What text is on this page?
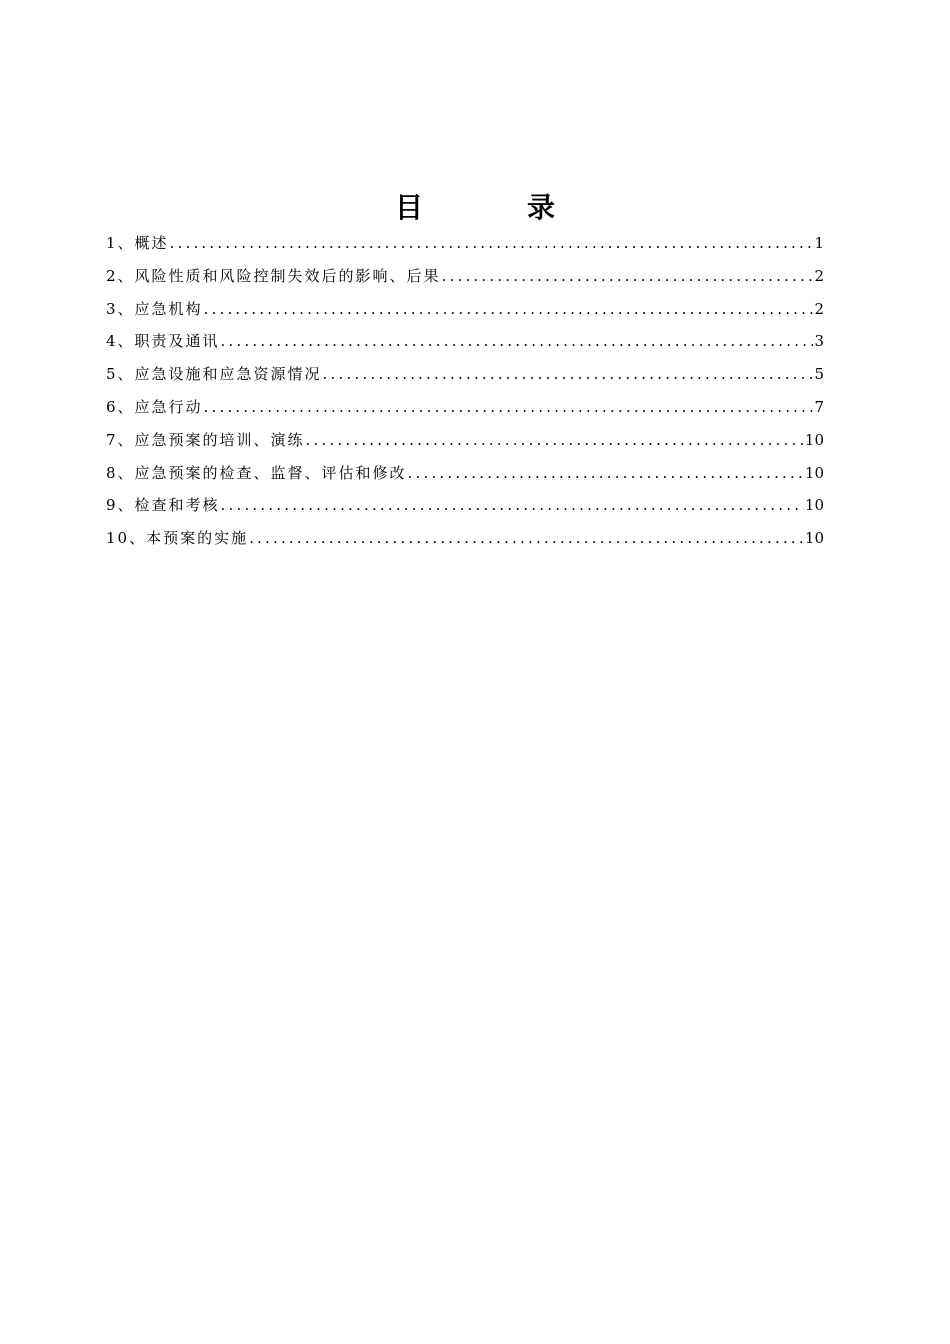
目　录
1、概述 .....	1
2、风险性质和风险控制失效后的影响、后果 .....	2
3、应急机构 .....	2
4、职责及通讯 .....	3
5、应急设施和应急资源情况 .....	5
6、应急行动 .....	7
7、应急预案的培训、演练 .....	10
8、应急预案的检查、监督、评估和修改 .....	10
9、检查和考核 .....	10
10、本预案的实施 .....	10
